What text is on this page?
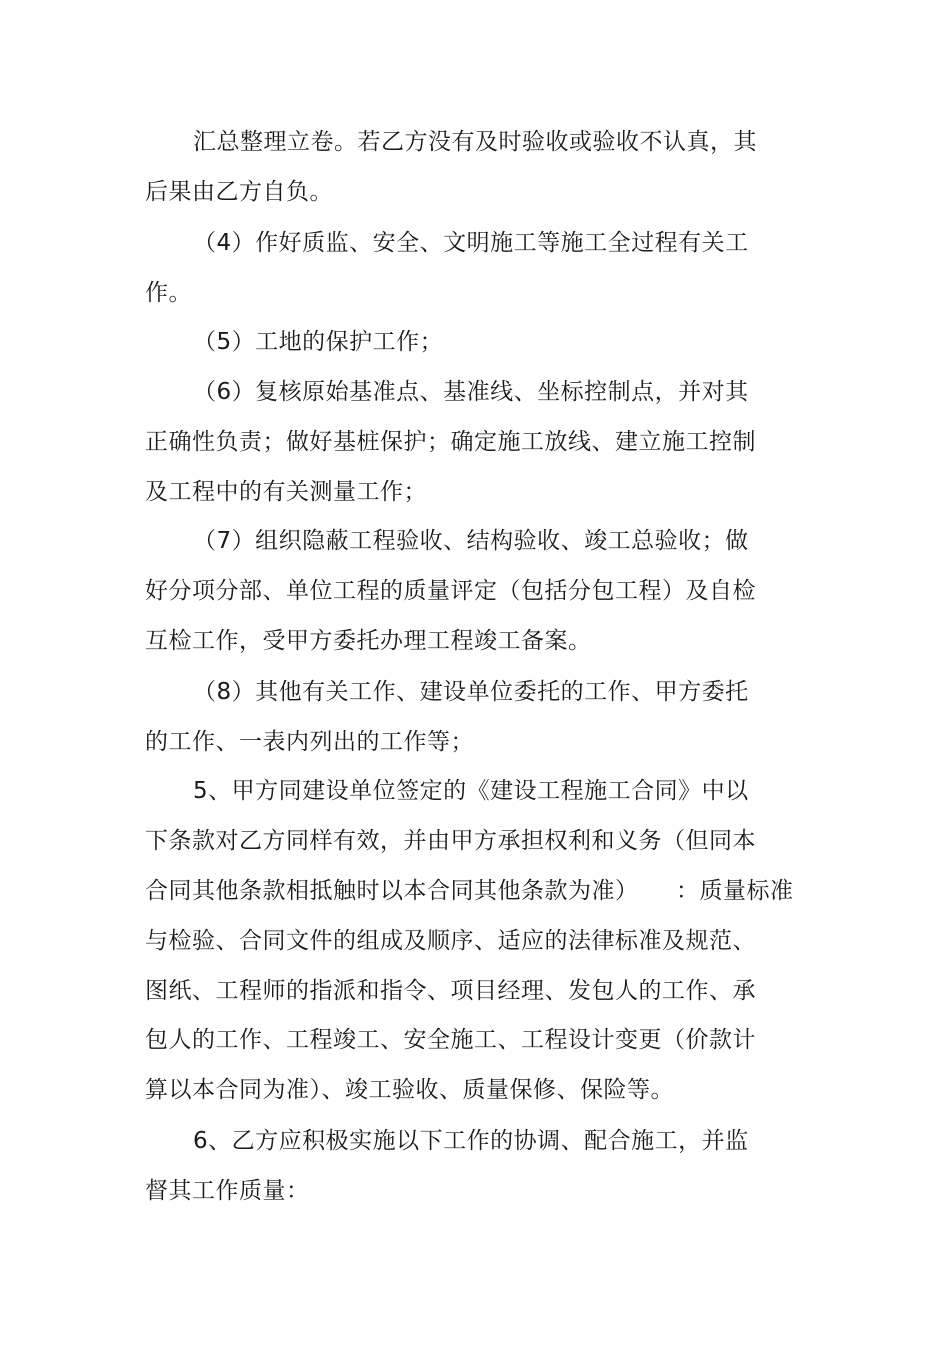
汇总整理立卷。若乙方没有及时验收或验收不认真，其
后果由乙方自负。
（4）作好质监、安全、文明施工等施工全过程有关工
作。
（5）工地的保护工作；
（6）复核原始基准点、基准线、坐标控制点，并对其
正确性负责；做好基桩保护；确定施工放线、建立施工控制
及工程中的有关测量工作；
（7）组织隐蔽工程验收、结构验收、竣工总验收；做
好分项分部、单位工程的质量评定（包括分包工程）及自检
互检工作，受甲方委托办理工程竣工备案。
（8）其他有关工作、建设单位委托的工作、甲方委托
的工作、一表内列出的工作等；
5、甲方同建设单位签定的《建设工程施工合同》中以
下条款对乙方同样有效，并由甲方承担权利和义务（但同本
合同其他条款相抵触时以本合同其他条款为准） ：质量标准
与检验、合同文件的组成及顺序、适应的法律标准及规范、
图纸、工程师的指派和指令、项目经理、发包人的工作、承
包人的工作、工程竣工、安全施工、工程设计变更（价款计
算以本合同为准）、竣工验收、质量保修、保险等。
6、乙方应积极实施以下工作的协调、配合施工，并监
督其工作质量：
